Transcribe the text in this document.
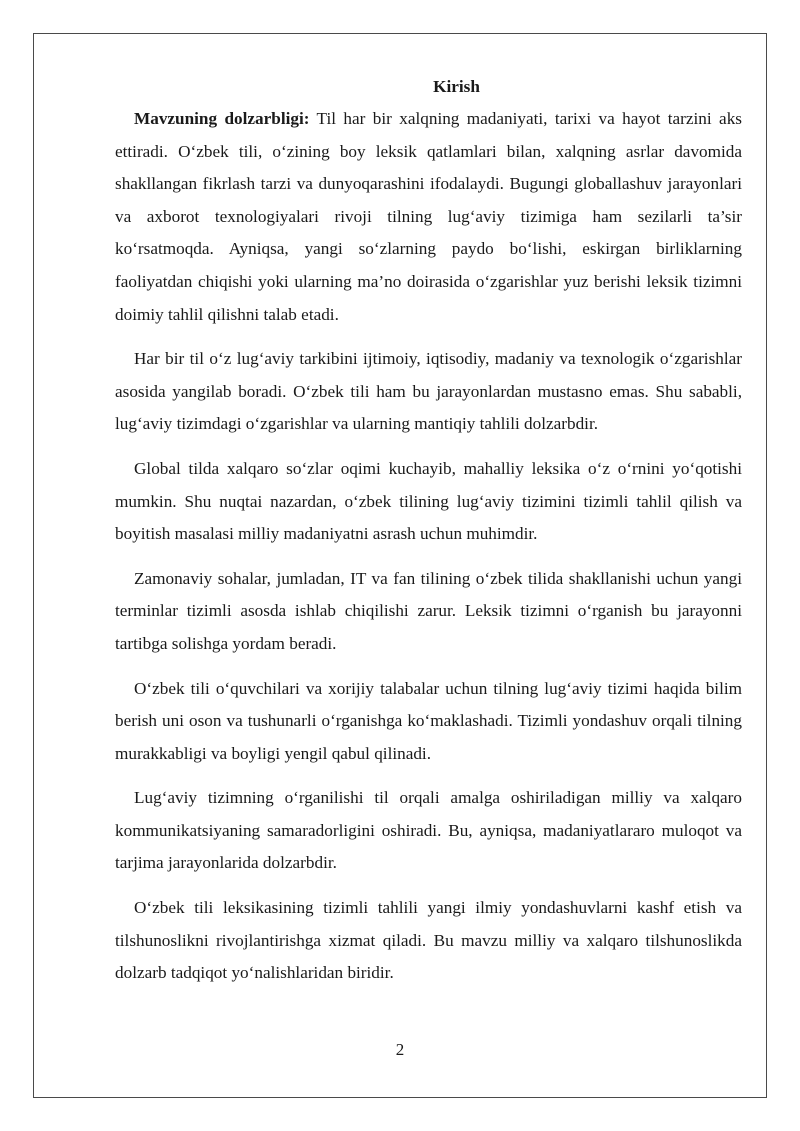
Kirish

Mavzuning dolzarbligi: Til har bir xalqning madaniyati, tarixi va hayot tarzini aks ettiradi. O‘zbek tili, o‘zining boy leksik qatlamlari bilan, xalqning asrlar davomida shakllangan fikrlash tarzi va dunyoqarashini ifodalaydi. Bugungi globallashuv jarayonlari va axborot texnologiyalari rivoji tilning lug‘aviy tizimiga ham sezilarli ta’sir ko‘rsatmoqda. Ayniqsa, yangi so‘zlarning paydo bo‘lishi, eskirgan birliklarning faoliyatdan chiqishi yoki ularning ma’no doirasida o‘zgarishlar yuz berishi leksik tizimni doimiy tahlil qilishni talab etadi.

Har bir til o‘z lug‘aviy tarkibini ijtimoiy, iqtisodiy, madaniy va texnologik o‘zgarishlar asosida yangilab boradi. O‘zbek tili ham bu jarayonlardan mustasno emas. Shu sababli, lug‘aviy tizimdagi o‘zgarishlar va ularning mantiqiy tahlili dolzarbdir.

Global tilda xalqaro so‘zlar oqimi kuchayib, mahalliy leksika o‘z o‘rnini yo‘qotishi mumkin. Shu nuqtai nazardan, o‘zbek tilining lug‘aviy tizimini tizimli tahlil qilish va boyitish masalasi milliy madaniyatni asrash uchun muhimdir.

Zamonaviy sohalar, jumladan, IT va fan tilining o‘zbek tilida shakllanishi uchun yangi terminlar tizimli asosda ishlab chiqilishi zarur. Leksik tizimni o‘rganish bu jarayonni tartibga solishga yordam beradi.

O‘zbek tili o‘quvchilari va xorijiy talabalar uchun tilning lug‘aviy tizimi haqida bilim berish uni oson va tushunarli o‘rganishga ko‘maklashadi. Tizimli yondashuv orqali tilning murakkabligi va boyligi yengil qabul qilinadi.

Lug‘aviy tizimning o‘rganilishi til orqali amalga oshiriladigan milliy va xalqaro kommunikatsiyaning samaradorligini oshiradi. Bu, ayniqsa, madaniyatlararo muloqot va tarjima jarayonlarida dolzarbdir.

O‘zbek tili leksikasining tizimli tahlili yangi ilmiy yondashuvlarni kashf etish va tilshunoslikni rivojlantirishga xizmat qiladi. Bu mavzu milliy va xalqaro tilshunoslikda dolzarb tadqiqot yo‘nalishlaridan biridir.

2
